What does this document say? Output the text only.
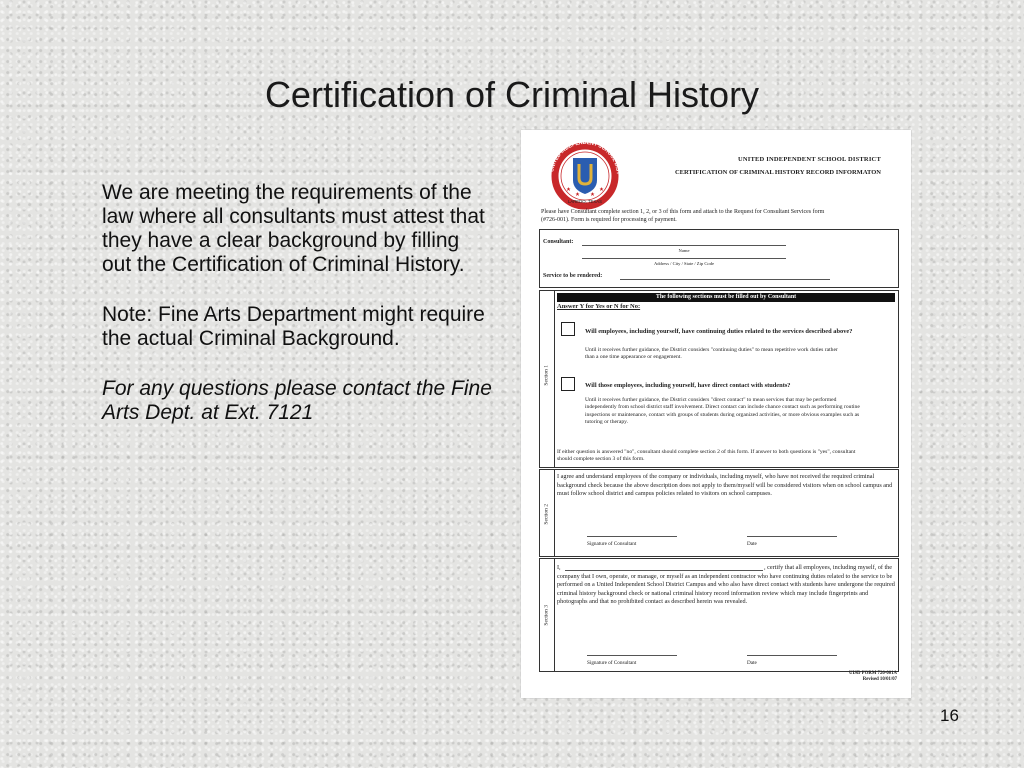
Certification of Criminal History

We are meeting the requirements of the law where all consultants must attest that they have a clear background by filling out the Certification of Criminal History.

Note: Fine Arts Department might require the actual Criminal Background.

For any questions please contact the Fine Arts Dept. at Ext. 7121

UNITED INDEPENDENT SCHOOL DIST
LAREDO, TEXAS
UNITED INDEPENDENT SCHOOL DISTRICT
CERTIFICATION OF CRIMINAL HISTORY RECORD INFORMATON
Please have Consultant complete section 1, 2, or 3 of this form and attach to the Request for Consultant Services form (#726-001). Form is required for processing of payment.
Consultant:
Name
Address / City / State / Zip Code
Service to be rendered:
Section 1
The following sections must be filled out by Consultant
Answer Y for Yes or N for No:
Will employees, including yourself, have continuing duties related to the services described above?
Until it receives further guidance, the District considers "continuing duties" to mean repetitive work duties rather than a one time appearance or engagement.
Will those employees, including yourself, have direct contact with students?
Until it receives further guidance, the District considers "direct contact" to mean services that may be performed independently from school district staff involvement. Direct contact can include chance contact such as performing routine inspections or maintenance, contact with groups of students during organized activities, or more obvious examples such as tutoring or therapy.
If either question is answered "no", consultant should complete section 2 of this form. If answer to both questions is "yes", consultant should complete section 3 of this form.
Section 2
I agree and understand employees of the company or individuals, including myself, who have not received the required criminal background check because the above description does not apply to them/myself will be considered visitors when on school campus and must follow school district and campus policies related to visitors on school campuses.
Signature of Consultant	Date
Section 3
I,	, certify that all employees, including myself, of the company that I own, operate, or manage, or myself as an independent contractor who have continuing duties related to the service to be performed on a United Independent School District Campus and who also have direct contact with students have undergone the required criminal history background check or national criminal history record information review which may include fingerprints and photographs and that no prohibited contact as described herein was revealed.
Signature of Consultant	Date
UISD FORM 726-001A
Revised 10/01/07
16
